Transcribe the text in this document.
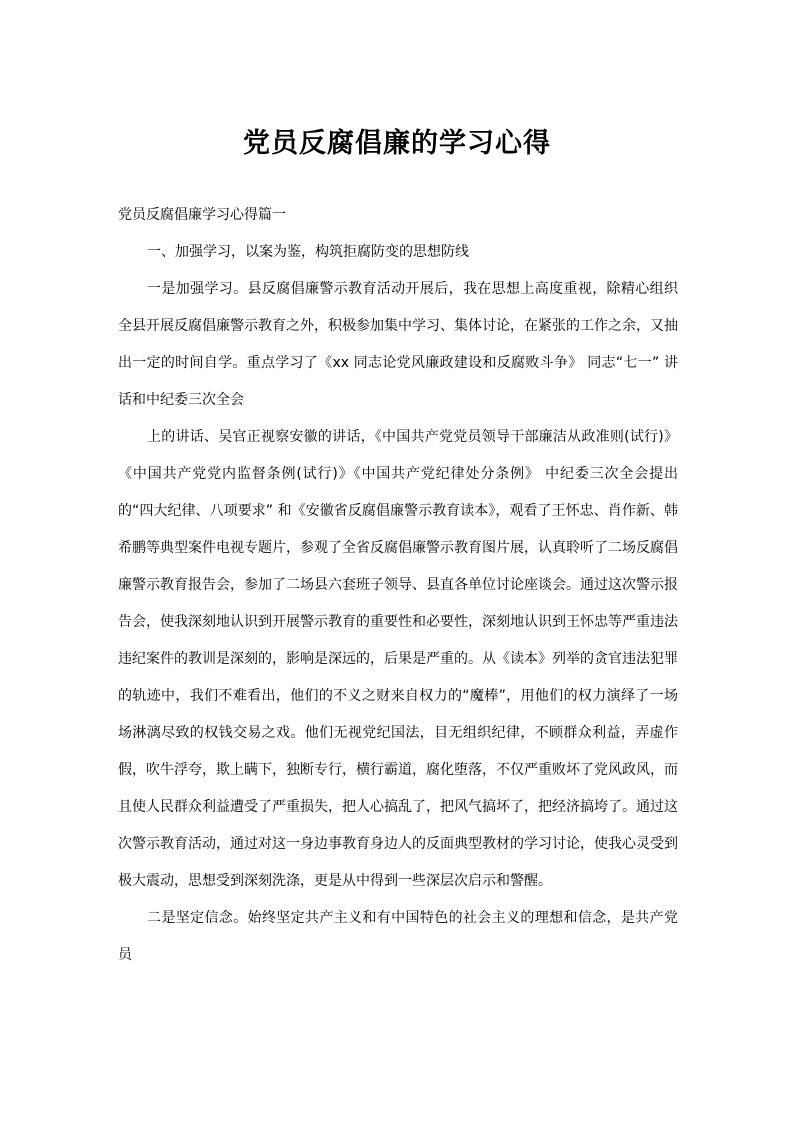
党员反腐倡廉的学习心得

党员反腐倡廉学习心得篇一

一、加强学习，以案为鉴，构筑拒腐防变的思想防线

一是加强学习。县反腐倡廉警示教育活动开展后，我在思想上高度重视，除精心组织全县开展反腐倡廉警示教育之外，积极参加集中学习、集体讨论，在紧张的工作之余，又抽出一定的时间自学。重点学习了《xx 同志论党风廉政建设和反腐败斗争》 同志“七一” 讲话和中纪委三次全会

上的讲话、吴官正视察安徽的讲话，《中国共产党党员领导干部廉洁从政准则(试行)》《中国共产党党内监督条例(试行)》《中国共产党纪律处分条例》 中纪委三次全会提出的“四大纪律、八项要求” 和《安徽省反腐倡廉警示教育读本》，观看了王怀忠、肖作新、韩希鹏等典型案件电视专题片，参观了全省反腐倡廉警示教育图片展，认真聆听了二场反腐倡廉警示教育报告会，参加了二场县六套班子领导、县直各单位讨论座谈会。通过这次警示报告会，使我深刻地认识到开展警示教育的重要性和必要性，深刻地认识到王怀忠等严重违法违纪案件的教训是深刻的，影响是深远的，后果是严重的。从《读本》列举的贪官违法犯罪的轨迹中，我们不难看出，他们的不义之财来自权力的“魔棒”，用他们的权力演绎了一场场淋漓尽致的权钱交易之戏。他们无视党纪国法，目无组织纪律，不顾群众利益，弄虚作假，吹牛浮夸，欺上瞒下，独断专行，横行霸道，腐化堕落，不仅严重败坏了党风政风，而且使人民群众利益遭受了严重损失，把人心搞乱了，把风气搞坏了，把经济搞垮了。通过这次警示教育活动，通过对这一身边事教育身边人的反面典型教材的学习讨论，使我心灵受到极大震动，思想受到深刻洗涤，更是从中得到一些深层次启示和警醒。

二是坚定信念。始终坚定共产主义和有中国特色的社会主义的理想和信念，是共产党员
